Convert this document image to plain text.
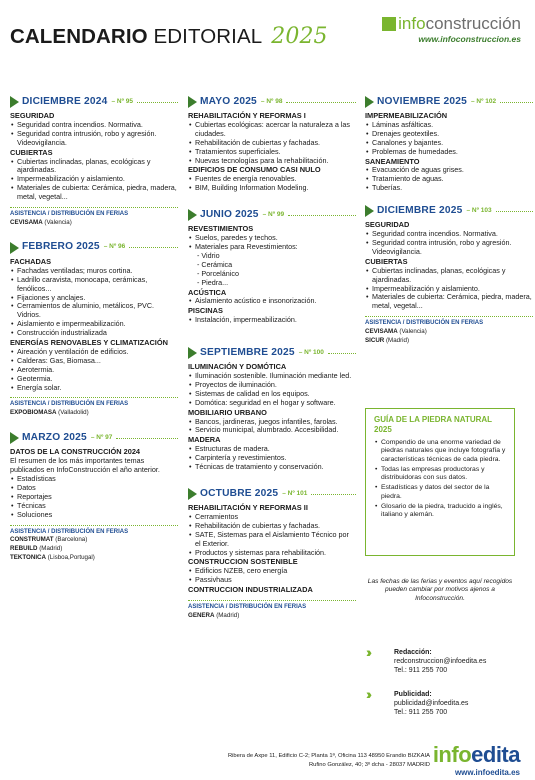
CALENDARIO EDITORIAL 2025
infoconstrucción
www.infoconstruccion.es
DICIEMBRE 2024 – Nº 95
SEGURIDAD
• Seguridad contra incendios. Normativa.
• Seguridad contra intrusión, robo y agresión. Videovigilancia.
CUBIERTAS
• Cubiertas inclinadas, planas, ecológicas y ajardinadas.
• Impermeabilización y aislamiento.
• Materiales de cubierta: Cerámica, piedra, madera, metal, vegetal...
ASISTENCIA / DISTRIBUCIÓN EN FERIAS
CEVISAMA (Valencia)
FEBRERO 2025 – Nº 96
FACHADAS
• Fachadas ventiladas; muros cortina.
• Ladrillo caravista, monocapa, cerámicas, fenólicos...
• Fijaciones y anclajes.
• Cerramientos de aluminio, metálicos, PVC. Vidrios.
• Aislamiento e impermeabilización.
• Construcción industrializada
ENERGÍAS RENOVABLES Y CLIMATIZACIÓN
• Aireación y ventilación de edificios.
• Calderas: Gas, Biomasa...
• Aerotermia.
• Geotermia.
• Energía solar.
ASISTENCIA / DISTRIBUCIÓN EN FERIAS
EXPOBIOMASA (Valladolid)
MARZO 2025 – Nº 97
DATOS DE LA CONSTRUCCIÓN 2024
El resumen de los más importantes temas publicados en InfoConstrucción el año anterior.
• Estadísticas
• Datos
• Reportajes
• Técnicas
• Soluciones
ASISTENCIA / DISTRIBUCIÓN EN FERIAS
CONSTRUMAT (Barcelona)
REBUILD (Madrid)
TEKTONICA (Lisboa,Portugal)
MAYO 2025 – Nº 98
REHABILITACIÓN Y REFORMAS I
• Cubiertas ecológicas: acercar la naturaleza a las ciudades.
• Rehabilitación de cubiertas y fachadas.
• Tratamientos superficiales.
• Nuevas tecnologías para la rehabilitación.
EDIFICIOS DE CONSUMO CASI NULO
• Fuentes de energía renovables.
• BIM, Building Information Modeling.
JUNIO 2025 – Nº 99
REVESTIMIENTOS
• Suelos, paredes y techos.
• Materiales para Revestimientos:
- Vidrio
- Cerámica
- Porcelánico
- Piedra...
ACÚSTICA
• Aislamiento acústico e insonorización.
PISCINAS
• Instalación, impermeabilización.
SEPTIEMBRE 2025 – Nº 100
ILUMINACIÓN Y DOMÓTICA
• Iluminación sostenible. Iluminación mediante led.
• Proyectos de iluminación.
• Sistemas de calidad en los equipos.
• Domótica: seguridad en el hogar y software.
MOBILIARIO URBANO
• Bancos, jardineras, juegos infantiles, farolas.
• Servicio municipal, alumbrado. Accesibilidad.
MADERA
• Estructuras de madera.
• Carpintería y revestimientos.
• Técnicas de tratamiento y conservación.
OCTUBRE 2025 – Nº 101
REHABILITACIÓN Y REFORMAS II
• Cerramientos
• Rehabilitación de cubiertas y fachadas.
• SATE, Sistemas para el Aislamiento Técnico por el Exterior.
• Productos y sistemas para rehabilitación.
CONSTRUCCION SOSTENIBLE
• Edificios NZEB, cero energía
• Passivhaus
CONTRUCCION INDUSTRIALIZADA
ASISTENCIA / DISTRIBUCIÓN EN FERIAS
GENERA (Madrid)
NOVIEMBRE 2025 – Nº 102
IMPERMEABILIZACIÓN
• Láminas asfálticas.
• Drenajes geotextiles.
• Canalones y bajantes.
• Problemas de humedades.
SANEAMIENTO
• Evacuación de aguas grises.
• Tratamiento de aguas.
• Tuberías.
DICIEMBRE 2025 – Nº 103
SEGURIDAD
• Seguridad contra incendios. Normativa.
• Seguridad contra intrusión, robo y agresión. Videovigilancia.
CUBIERTAS
• Cubiertas inclinadas, planas, ecológicas y ajardinadas.
• Impermeabilización y aislamiento.
• Materiales de cubierta: Cerámica, piedra, madera, metal, vegetal...
ASISTENCIA / DISTRIBUCIÓN EN FERIAS
CEVISAMA (Valencia)
SICUR (Madrid)
GUÍA DE LA PIEDRA NATURAL 2025
• Compendio de una enorme variedad de piedras naturales que incluye fotografía y características técnicas de cada piedra.
• Todas las empresas productoras y distribuidoras con sus datos.
• Estadísticas y datos del sector de la piedra.
• Glosario de la piedra, traducido a inglés, italiano y alemán.
Las fechas de las ferias y eventos aquí recogidos pueden cambiar por motivos ajenos a Infoconstrucción.
›››	Redacción:
redconstruccion@infoedita.es
Tel.: 911 255 700
›››	Publicidad:
publicidad@infoedita.es
Tel.: 911 255 700
Ribera de Axpe 11, Edificio C-2; Planta 1ª, Oficina 113 48950 Erandio BIZKAIA
Rufino González, 40; 3º dcha - 28037 MADRID infoedita
www.infoedita.es
